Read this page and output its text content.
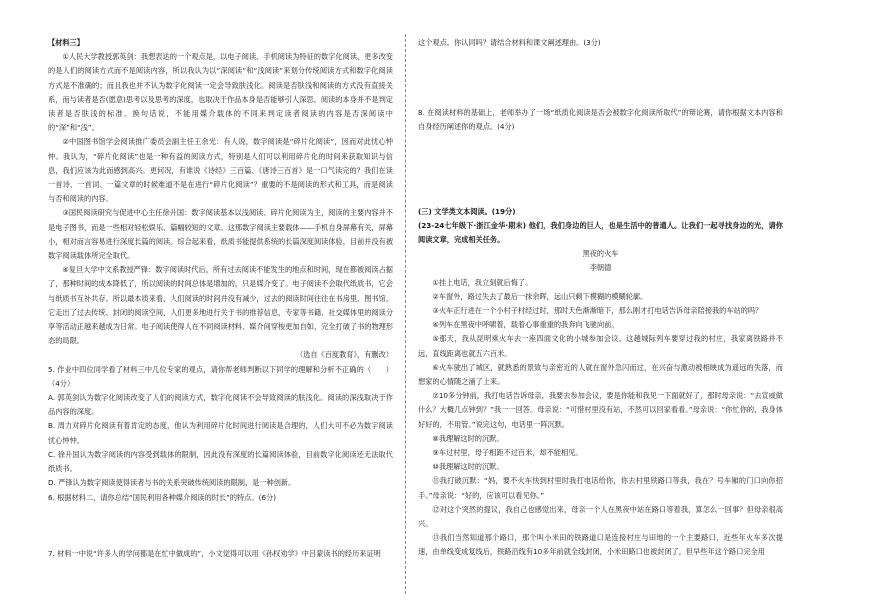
【材料三】

①人民大学教授郭英剑：我想表达的一个观点是，以电子阅读、手机阅读为特征的数字化阅读，更多改变的是人们的阅读方式而不是阅读内容，所以我认为以“深阅读”和“浅阅读”来划分传统阅读方式和数字化阅读方式是不准确的；而且我也并不认为数字化阅读一定会导致肤浅化。阅读是否肤浅和阅读的方式没有直接关系，而与读者是否(愿意)思考以及思考的深度，也取决于作品本身是否能够引人深思。阅读的本身并不是判定读者是否肤浅的标准。换句话说，不能用媒介载体的不同来判定读者阅读的内容是否深阅读中的“深”和“浅”。

②中国图书馆学会阅读推广委员会副主任王余光：有人说，数字阅读是“碎片化阅读”，因而对此忧心忡忡。我认为，“碎片化阅读”也是一种有益的阅读方式，特别是人们可以利用碎片化的时间来获取知识与信息，我们应该为此而感到高兴。更何况，有谁说《诗经》三百篇、《唐诗三百首》是一口气读完的？我们在读一首诗、一首词、一篇文章的时候难道不是在进行“碎片化阅读”？重要的不是阅读的形式和工具，而是阅读与否和阅读的内容。

③国民阅读研究与促进中心主任徐升国：数字阅读基本以浅阅读、碎片化阅读为主，阅读的主要内容并不是电子图书，而是一些相对轻松娱乐、篇幅较短的文章。这那数字阅读主要载体——手机自身屏幕有关，屏幕小，相对而言容易进行深度长篇的阅读。综合起来看，纸质书能提供系统的长篇深度阅读体验，目前并没有被数字阅读载体所完全取代。

④复旦大学中文系教授严锋：数字阅读时代后，所有过去阅读不能发生的地点和时间，现在都被阅读占据了，那种时间的成本降低了，所以阅读的时间总体是增加的，只是媒介变了。电子阅读不会取代纸质书，它会与纸质书互补共存。所以最本质来看，人们阅读的时间并没有减少，过去的阅读时间往往在书房里、图书馆，它走出了过去传统、封闭的阅读空间，人们更多地进行关于书的推荐信息，专家等书籍、社交媒体里的阅读分享等活动正越来越成为日常。电子阅读使得人在不同阅读材料、媒介间穿梭更加自如，完全打破了书的物理形态的局限。

（选自《百度教育》，有删改）

5. 作业中四位同学看了材料三中几位专家的观点，请你帮老师判断以下同学的理解和分析不正确的（　　）（4分）

A. 郭英剑认为数字化阅读改变了人们的阅读方式，数字化阅读不会导致阅读的肤浅化。阅读的深浅取决于作品内容的深度。

B. 周力对碎片化阅读有着肯定的态度，他认为利用碎片化时间进行阅读是合理的，人们大可不必为数字阅读忧心忡忡。

C. 徐升国认为数字阅读的内容受到载体的限制，因此没有深度的长篇阅读体验，目前数字化阅读还无法取代纸质书。

D. 严锋认为数字阅读使得读者与书的关系突破传统阅读的限制，是一种创新。

6. 根据材料二，请你总结“国民利用各种媒介阅读的时长”的特点。(6分)

7. 材料一中说“许多人的学问都是在忙中做成的”，小文觉得可以用《孙权劝学》中吕蒙读书的经历来证明

这个观点。你认同吗？请结合材料和课文阐述理由。(3分)

8. 在阅读材料的基础上，老师举办了一场“纸质化阅读是否会被数字化阅读所取代”的辩论赛，请你根据文本内容和自身经历阐述你的观点。(4分)

(三) 文学类文本阅读。(19分)

(23-24七年级下·浙江金华·期末) 他们，我们身边的巨人，也是生活中的普通人。让我们一起寻找身边的光，请你阅读文章，完成相关任务。

黑夜的火车

李朝德

①挂上电话，我立刻就后悔了。

②车窗外，路过失去了最后一抹余晖，远山只剩下模糊的模糊轮廓。

③火车正行进在一个小村子村经过时，那时天色渐渐暗下，那么刚才打电话告诉母亲陪接我的车站的吗？

④列车在黑夜中呼啸着，载着心事重重的我奔向飞驰向前。

⑤那天，我从昆明乘火车去一座四面文化的小城参加会议。这趟城际列车要穿过我的村庄，我家离铁路并不远，直线距离也就五六百米。

⑥火车驶出了城区，就熟悉的景致与亲密近的人就在窗外急闪而过，在兴奋与激动被相映成为遥远的失落，而想家的心情随之涌了上来。

⑦10多分钟前，我打电话告诉母亲，我要去参加会议，要是你能和我见一下面就好了，那时母亲说：“去宣威做什么？大概几点钟到？”我一一回答。母亲说：“可惜村里没有站，不然可以回家看看。”母亲说：“你忙你的，我身体好好的，不用管。”说完这句，电话里一阵沉默。

⑧我理解这时的沉默。

⑨车过村里，母子相距不过百米，却不能相见。

⑩我理解这时的沉默。

⑪我打破沉默：“妈，要不火车快到村里时我打电话给你，你去村里铁路口等我，我在？号车厢的门口向你招手。”母亲说：“好的，应该可以看见你。”

⑫对这个突然的提议，我自己也感觉出来，母亲一个人在黑夜中站在路口等着我，算怎么一回事？但母亲很高兴。

⑬我们当然知道那个路口，那个叫小米田的铁路道口是连接村庄与田地的一个主要路口，近些年火车多次提速，由单线变成复线后，铁路沿线有10多年前就全线封闭，小米田路口也被封闭了，但早些年这个路口完全用
